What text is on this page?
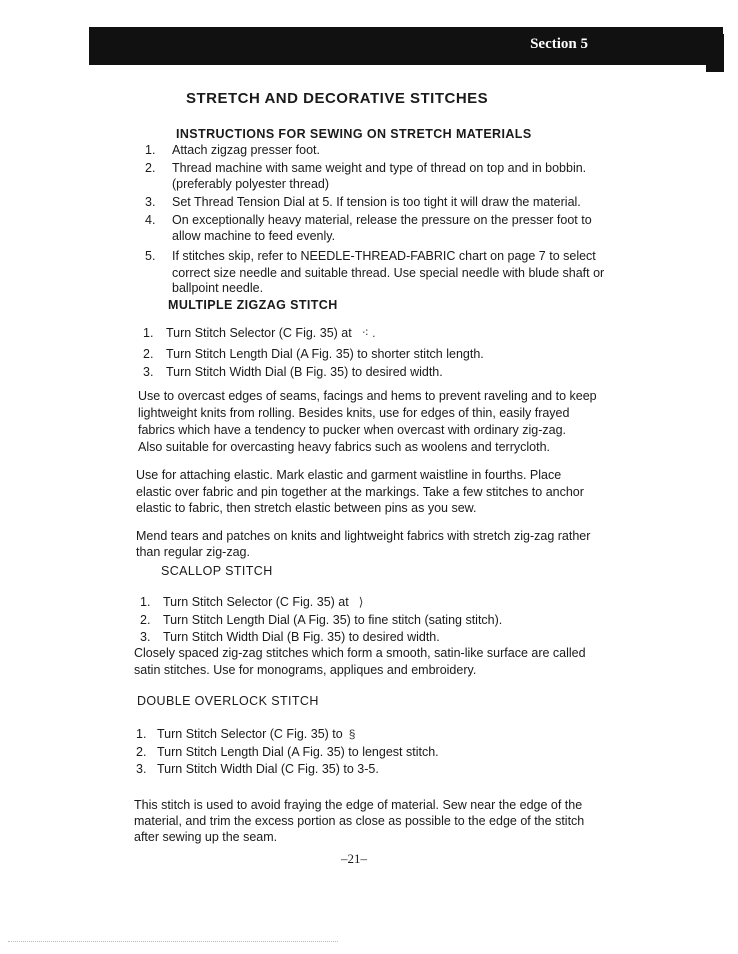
Section 5
STRETCH AND DECORATIVE STITCHES
INSTRUCTIONS FOR SEWING ON STRETCH MATERIALS
1. Attach zigzag presser foot.
2. Thread machine with same weight and type of thread on top and in bobbin.
(preferably polyester thread)
3. Set Thread Tension Dial at 5. If tension is too tight it will draw the material.
4. On exceptionally heavy material, release the pressure on the presser foot to
allow machine to feed evenly.
5. If stitches skip, refer to NEEDLE-THREAD-FABRIC chart on page 7 to select
correct size needle and suitable thread. Use special needle with blude shaft or
ballpoint needle.
MULTIPLE ZIGZAG STITCH
1. Turn Stitch Selector (C Fig. 35) at ⁖ .
2. Turn Stitch Length Dial (A Fig. 35) to shorter stitch length.
3. Turn Stitch Width Dial (B Fig. 35) to desired width.
Use to overcast edges of seams, facings and hems to prevent raveling and to keep
lightweight knits from rolling. Besides knits, use for edges of thin, easily frayed
fabrics which have a tendency to pucker when overcast with ordinary zig-zag.
Also suitable for overcasting heavy fabrics such as woolens and terrycloth.
Use for attaching elastic. Mark elastic and garment waistline in fourths. Place
elastic over fabric and pin together at the markings. Take a few stitches to anchor
elastic to fabric, then stretch elastic between pins as you sew.
Mend tears and patches on knits and lightweight fabrics with stretch zig-zag rather
than regular zig-zag.
SCALLOP STITCH
1. Turn Stitch Selector (C Fig. 35) at ⟩
2. Turn Stitch Length Dial (A Fig. 35) to fine stitch (sating stitch).
3. Turn Stitch Width Dial (B Fig. 35) to desired width.
Closely spaced zig-zag stitches which form a smooth, satin-like surface are called
satin stitches. Use for monograms, appliques and embroidery.
DOUBLE OVERLOCK STITCH
1. Turn Stitch Selector (C Fig. 35) to §
2. Turn Stitch Length Dial (A Fig. 35) to lengest stitch.
3. Turn Stitch Width Dial (C Fig. 35) to 3-5.
This stitch is used to avoid fraying the edge of material. Sew near the edge of the
material, and trim the excess portion as close as possible to the edge of the stitch
after sewing up the seam.
–21–
